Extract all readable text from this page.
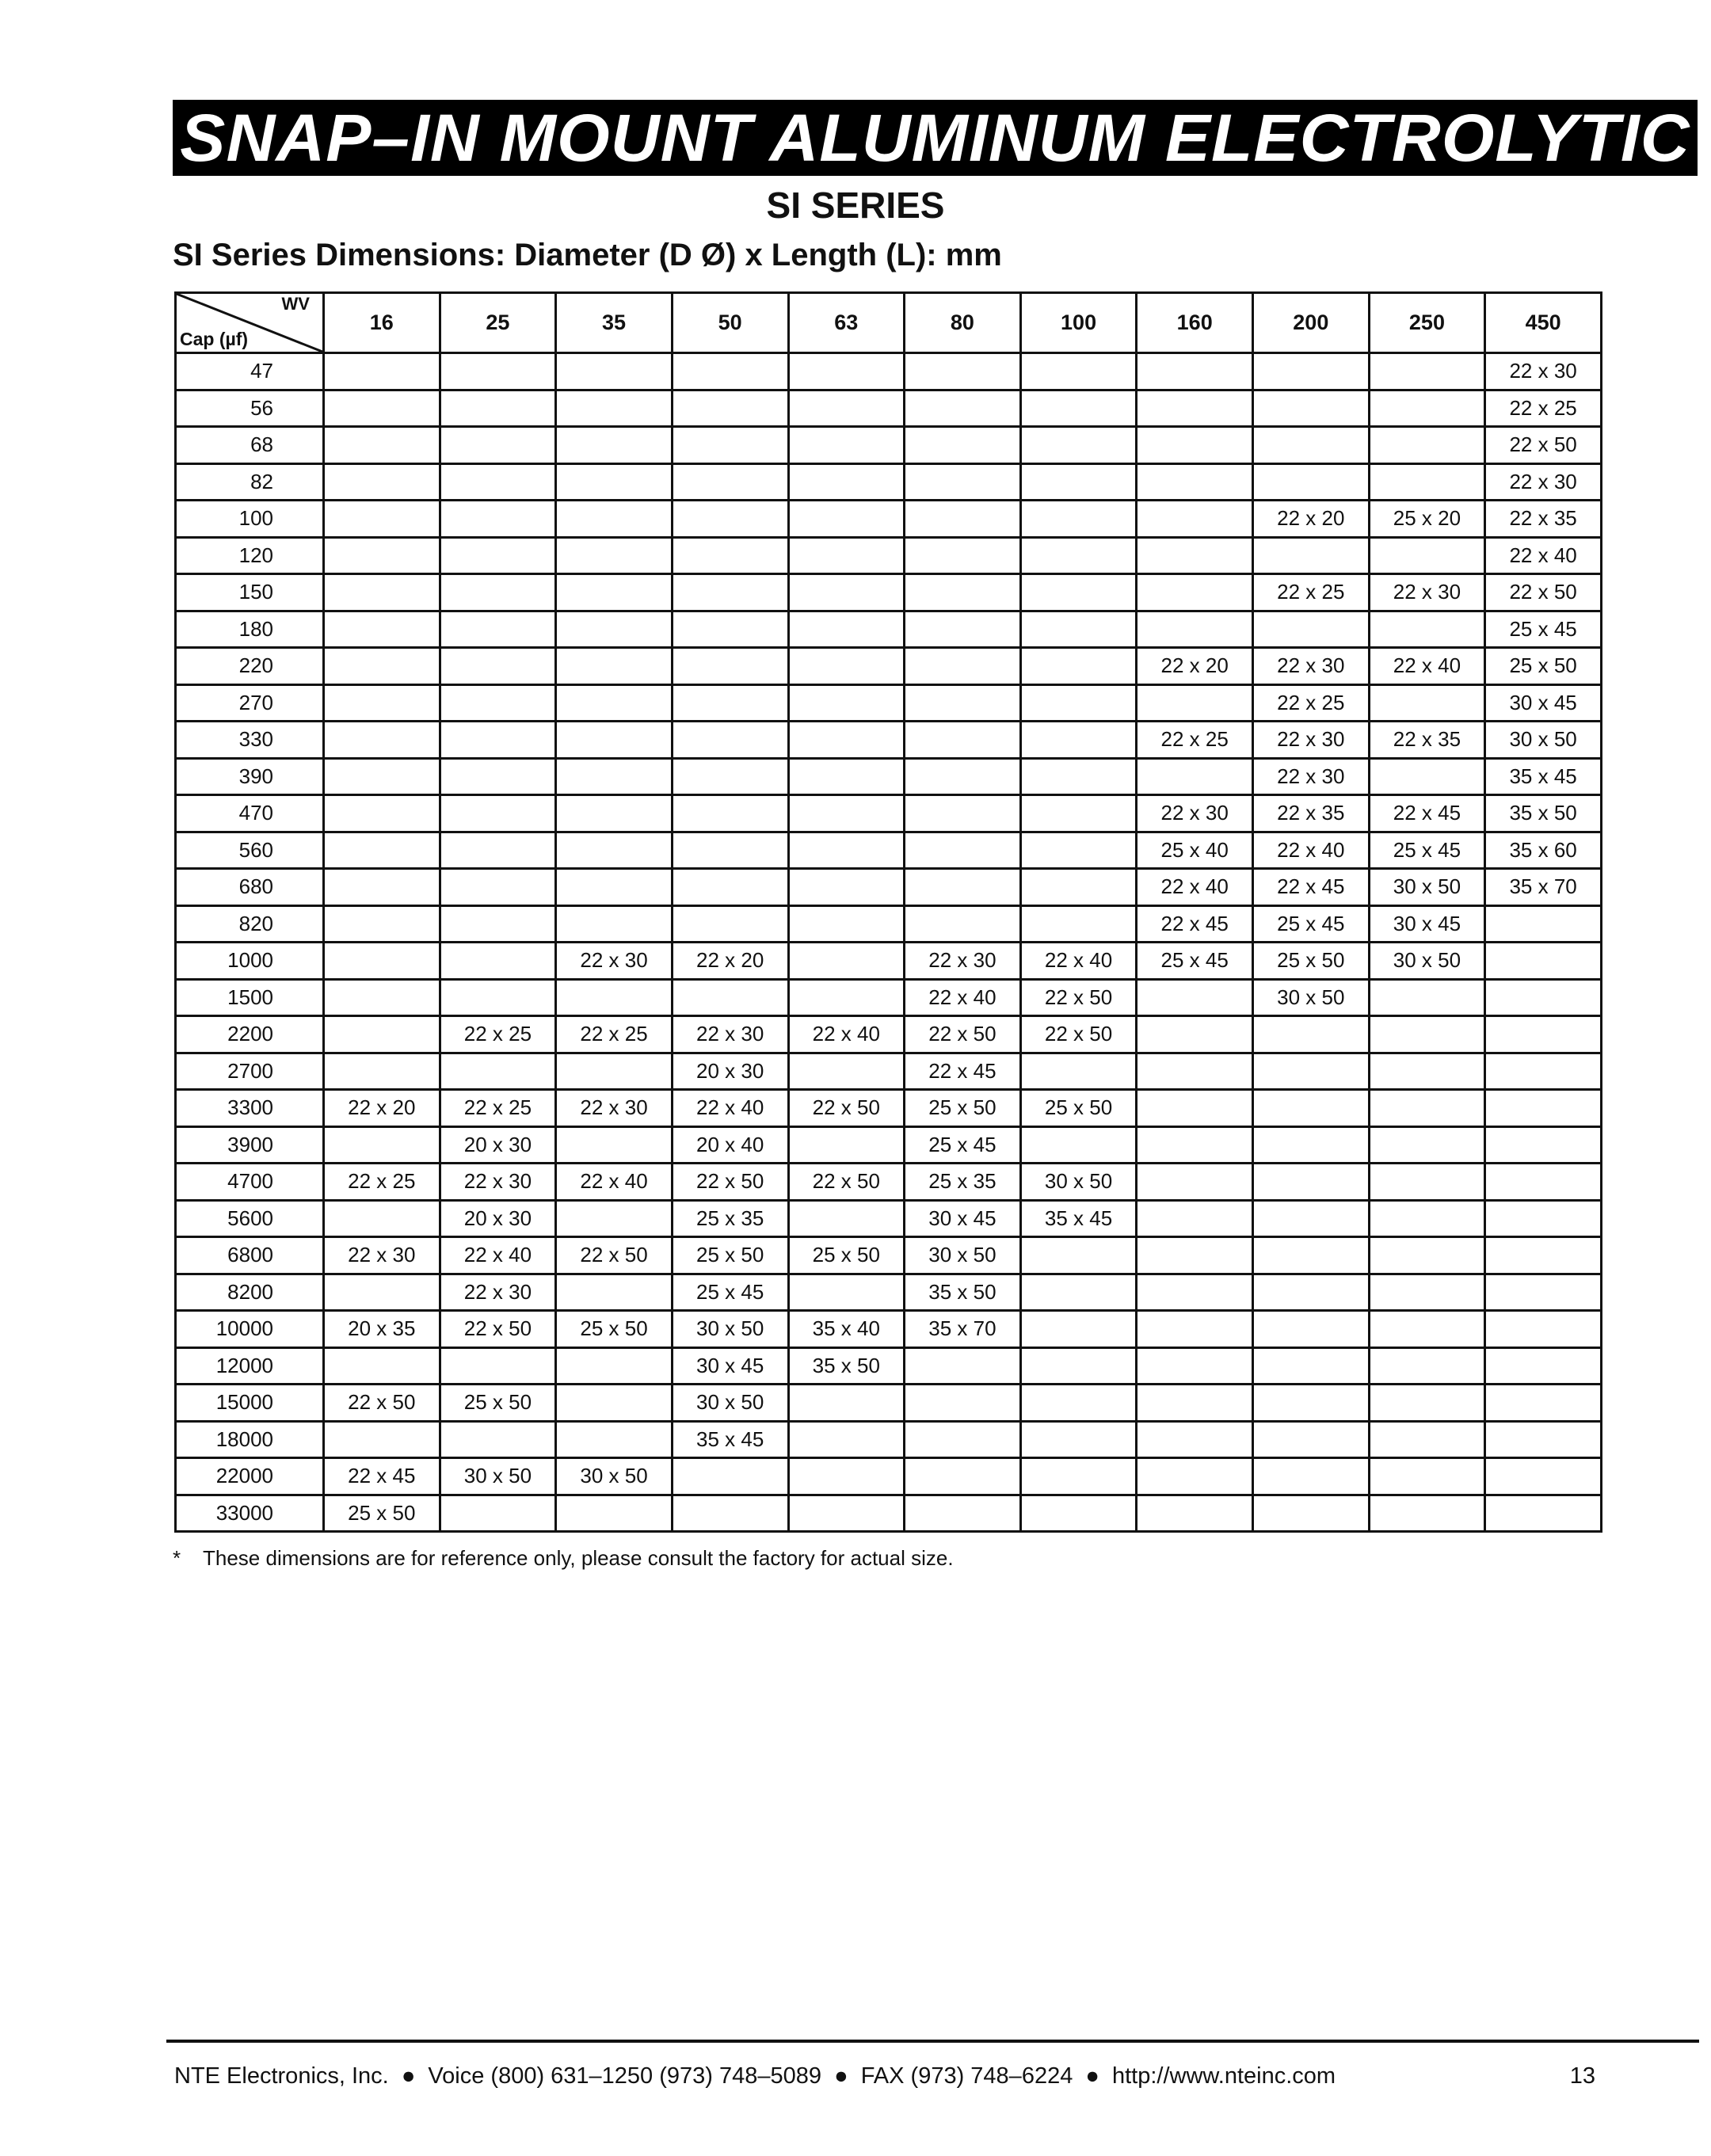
SNAP–IN MOUNT ALUMINUM ELECTROLYTIC
SI SERIES
SI Series Dimensions: Diameter (D Ø) x Length (L): mm
WV
Cap (µf)	16	25	35	50	63	80	100	160	200	250	450
47											22 x 30
56											22 x 25
68											22 x 50
82											22 x 30
100									22 x 20	25 x 20	22 x 35
120											22 x 40
150									22 x 25	22 x 30	22 x 50
180											25 x 45
220								22 x 20	22 x 30	22 x 40	25 x 50
270									22 x 25		30 x 45
330								22 x 25	22 x 30	22 x 35	30 x 50
390									22 x 30		35 x 45
470								22 x 30	22 x 35	22 x 45	35 x 50
560								25 x 40	22 x 40	25 x 45	35 x 60
680								22 x 40	22 x 45	30 x 50	35 x 70
820								22 x 45	25 x 45	30 x 45	
1000			22 x 30	22 x 20		22 x 30	22 x 40	25 x 45	25 x 50	30 x 50	
1500						22 x 40	22 x 50		30 x 50		
2200		22 x 25	22 x 25	22 x 30	22 x 40	22 x 50	22 x 50				
2700				20 x 30		22 x 45					
3300	22 x 20	22 x 25	22 x 30	22 x 40	22 x 50	25 x 50	25 x 50				
3900		20 x 30		20 x 40		25 x 45					
4700	22 x 25	22 x 30	22 x 40	22 x 50	22 x 50	25 x 35	30 x 50				
5600		20 x 30		25 x 35		30 x 45	35 x 45				
6800	22 x 30	22 x 40	22 x 50	25 x 50	25 x 50	30 x 50					
8200		22 x 30		25 x 45		35 x 50					
10000	20 x 35	22 x 50	25 x 50	30 x 50	35 x 40	35 x 70					
12000				30 x 45	35 x 50						
15000	22 x 50	25 x 50		30 x 50							
18000				35 x 45							
22000	22 x 45	30 x 50	30 x 50								
33000	25 x 50										

* These dimensions are for reference only, please consult the factory for actual size.

NTE Electronics, Inc. ● Voice (800) 631–1250 (973) 748–5089 ● FAX (973) 748–6224 ● http://www.nteinc.com	13
